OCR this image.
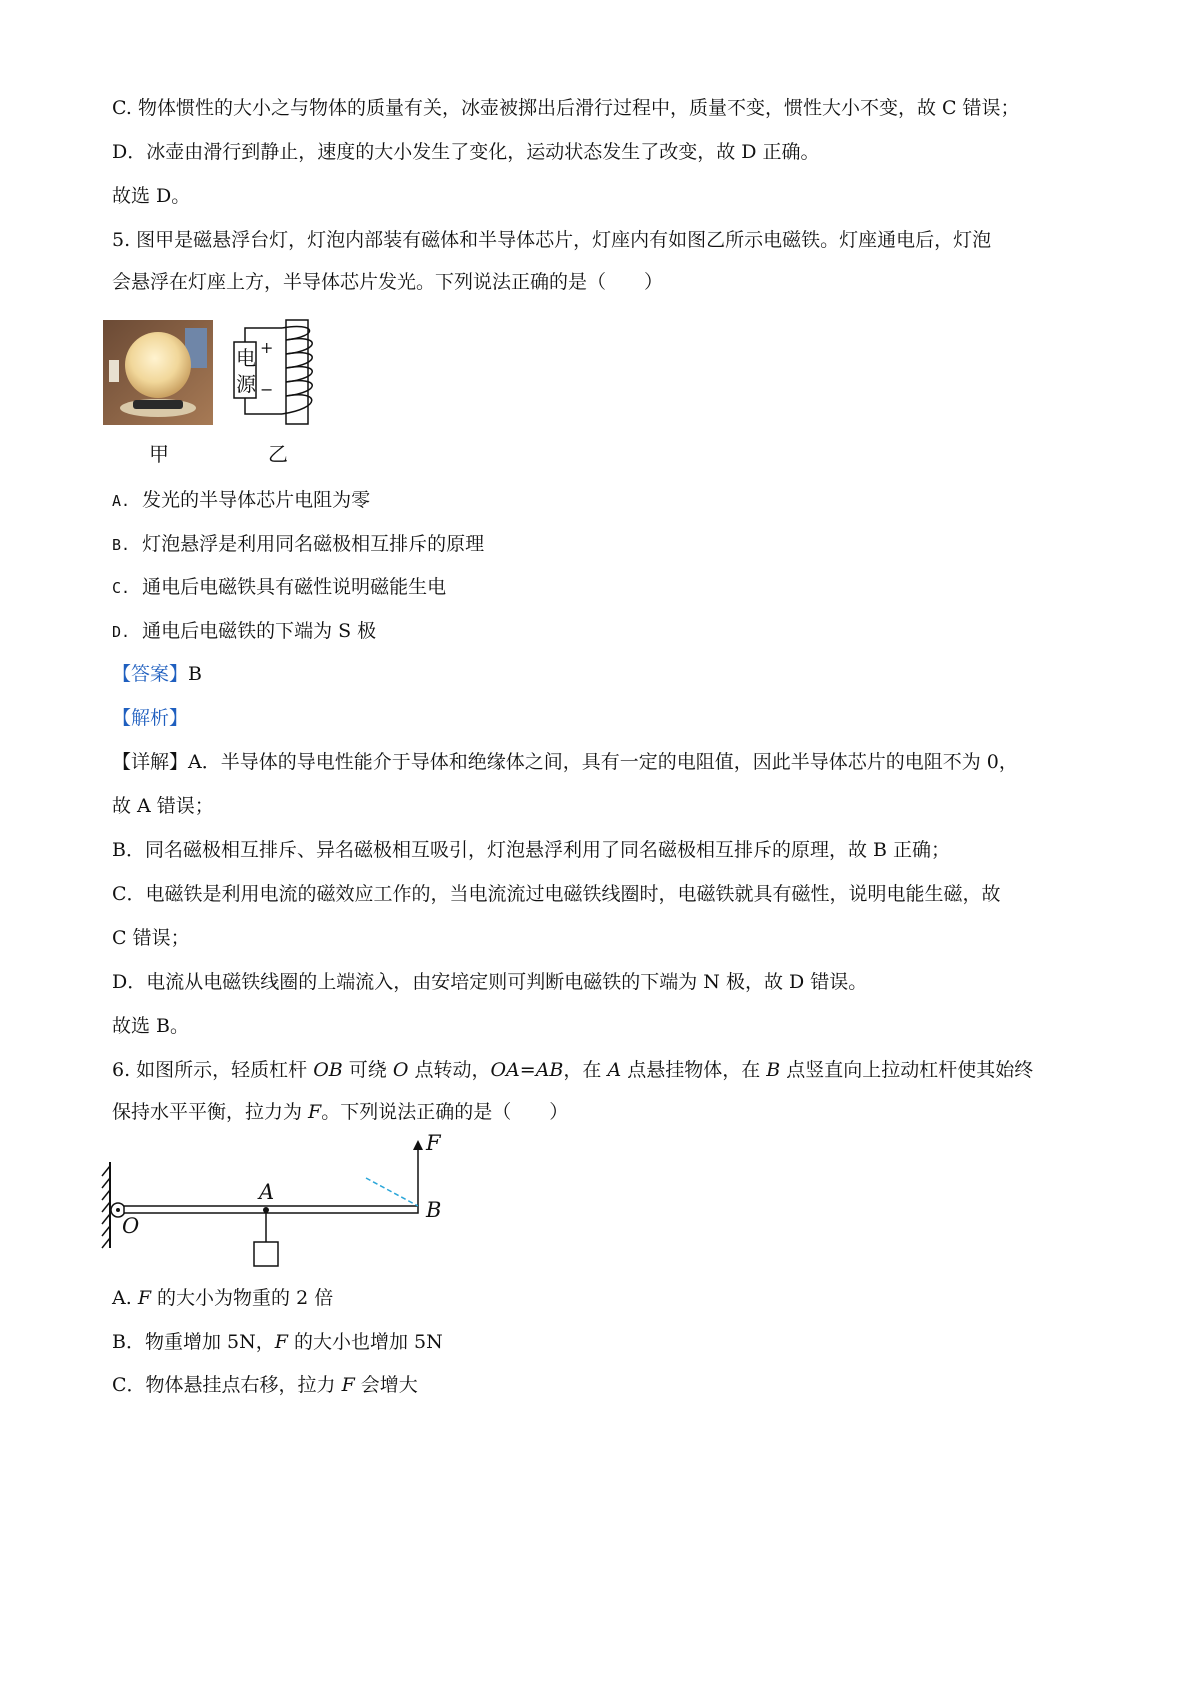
C. 物体惯性的大小之与物体的质量有关，冰壶被掷出后滑行过程中，质量不变，惯性大小不变，故 C 错误；
D．冰壶由滑行到静止，速度的大小发生了变化，运动状态发生了改变，故 D 正确。
故选 D。
5. 图甲是磁悬浮台灯，灯泡内部装有磁体和半导体芯片，灯座内有如图乙所示电磁铁。灯座通电后，灯泡
会悬浮在灯座上方，半导体芯片发光。下列说法正确的是（　　）
甲
电
源
+
−
乙
A. 发光的半导体芯片电阻为零
B. 灯泡悬浮是利用同名磁极相互排斥的原理
C. 通电后电磁铁具有磁性说明磁能生电
D. 通电后电磁铁的下端为 S 极
【答案】B
【解析】
【详解】A．半导体的导电性能介于导体和绝缘体之间，具有一定的电阻值，因此半导体芯片的电阻不为 0，
故 A 错误；
B．同名磁极相互排斥、异名磁极相互吸引，灯泡悬浮利用了同名磁极相互排斥的原理，故 B 正确；
C．电磁铁是利用电流的磁效应工作的，当电流流过电磁铁线圈时，电磁铁就具有磁性，说明电能生磁，故
C 错误；
D．电流从电磁铁线圈的上端流入，由安培定则可判断电磁铁的下端为 N 极，故 D 错误。
故选 B。
6. 如图所示，轻质杠杆 OB 可绕 O 点转动，OA=AB，在 A 点悬挂物体，在 B 点竖直向上拉动杠杆使其始终
保持水平平衡，拉力为 F。下列说法正确的是（　　）
F
A
B
O
A. F 的大小为物重的 2 倍
B．物重增加 5N，F 的大小也增加 5N
C．物体悬挂点右移，拉力 F 会增大
